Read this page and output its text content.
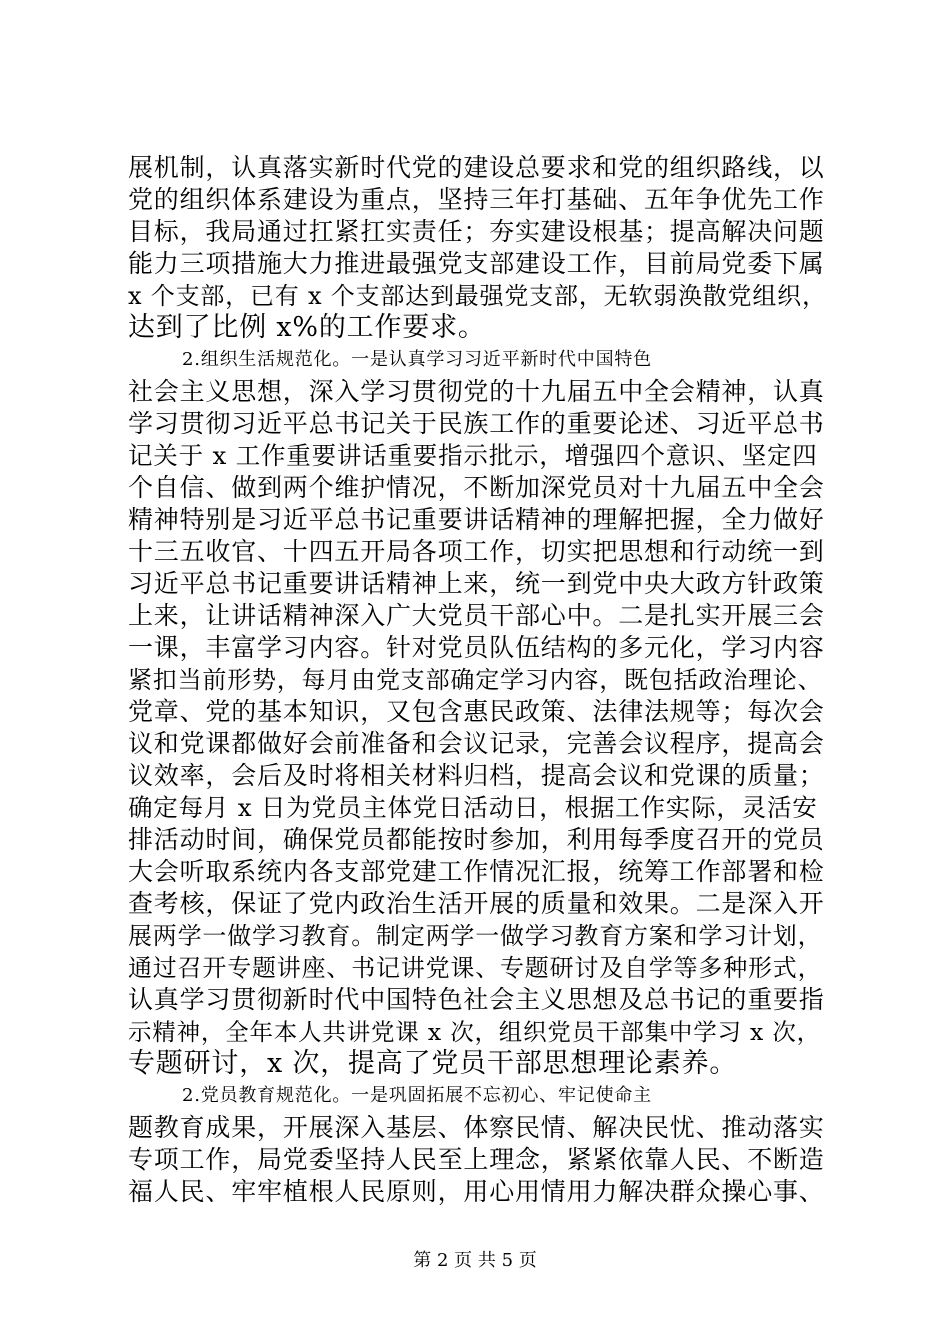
展机制，认真落实新时代党的建设总要求和党的组织路线，以
党的组织体系建设为重点，坚持三年打基础、五年争优先工作
目标，我局通过扛紧扛实责任；夯实建设根基；提高解决问题
能力三项措施大力推进最强党支部建设工作，目前局党委下属
x 个支部，已有 x 个支部达到最强党支部，无软弱涣散党组织，
达到了比例 x%的工作要求。
2.组织生活规范化。一是认真学习习近平新时代中国特色
社会主义思想，深入学习贯彻党的十九届五中全会精神，认真
学习贯彻习近平总书记关于民族工作的重要论述、习近平总书
记关于 x 工作重要讲话重要指示批示，增强四个意识、坚定四
个自信、做到两个维护情况，不断加深党员对十九届五中全会
精神特别是习近平总书记重要讲话精神的理解把握，全力做好
十三五收官、十四五开局各项工作，切实把思想和行动统一到
习近平总书记重要讲话精神上来，统一到党中央大政方针政策
上来，让讲话精神深入广大党员干部心中。二是扎实开展三会
一课，丰富学习内容。针对党员队伍结构的多元化，学习内容
紧扣当前形势，每月由党支部确定学习内容，既包括政治理论、
党章、党的基本知识，又包含惠民政策、法律法规等；每次会
议和党课都做好会前准备和会议记录，完善会议程序，提高会
议效率，会后及时将相关材料归档，提高会议和党课的质量；
确定每月 x 日为党员主体党日活动日，根据工作实际，灵活安
排活动时间，确保党员都能按时参加，利用每季度召开的党员
大会听取系统内各支部党建工作情况汇报，统筹工作部署和检
查考核，保证了党内政治生活开展的质量和效果。二是深入开
展两学一做学习教育。制定两学一做学习教育方案和学习计划，
通过召开专题讲座、书记讲党课、专题研讨及自学等多种形式，
认真学习贯彻新时代中国特色社会主义思想及总书记的重要指
示精神，全年本人共讲党课 x 次，组织党员干部集中学习 x 次，
专题研讨，x 次，提高了党员干部思想理论素养。
2.党员教育规范化。一是巩固拓展不忘初心、牢记使命主
题教育成果，开展深入基层、体察民情、解决民忧、推动落实
专项工作，局党委坚持人民至上理念，紧紧依靠人民、不断造
福人民、牢牢植根人民原则，用心用情用力解决群众操心事、
第 2 页 共 5 页
